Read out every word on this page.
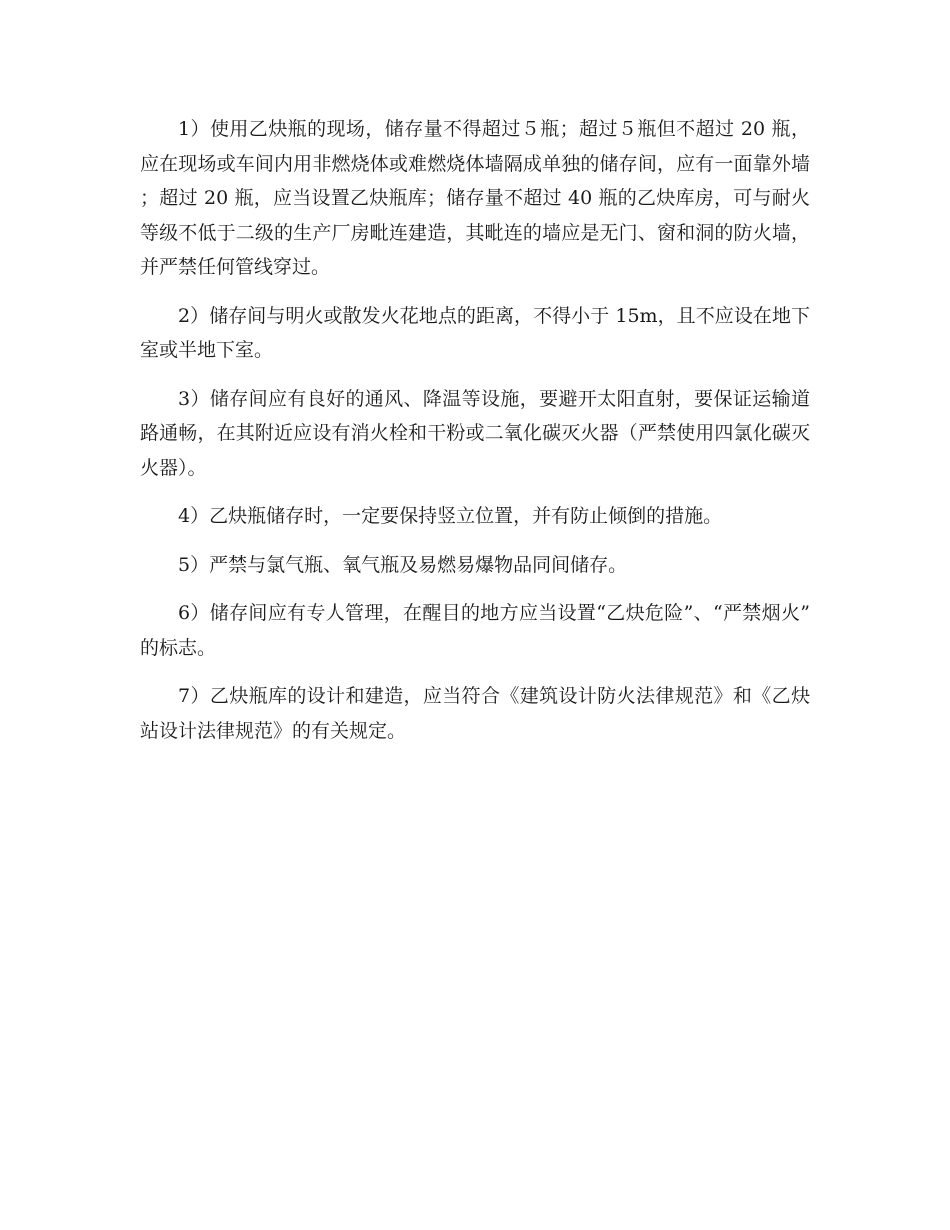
1）使用乙炔瓶的现场，储存量不得超过５瓶；超过５瓶但不超过 20 瓶，应在现场或车间内用非燃烧体或难燃烧体墙隔成单独的储存间，应有一面靠外墙；超过 20 瓶，应当设置乙炔瓶库；储存量不超过 40 瓶的乙炔库房，可与耐火等级不低于二级的生产厂房毗连建造，其毗连的墙应是无门、窗和洞的防火墙，并严禁任何管线穿过。

2）储存间与明火或散发火花地点的距离，不得小于 15m，且不应设在地下室或半地下室。

3）储存间应有良好的通风、降温等设施，要避开太阳直射，要保证运输道路通畅，在其附近应设有消火栓和干粉或二氧化碳灭火器（严禁使用四氯化碳灭火器）。

4）乙炔瓶储存时，一定要保持竖立位置，并有防止倾倒的措施。

5）严禁与氯气瓶、氧气瓶及易燃易爆物品同间储存。

6）储存间应有专人管理，在醒目的地方应当设置“乙炔危险”、“严禁烟火”的标志。

7）乙炔瓶库的设计和建造，应当符合《建筑设计防火法律规范》和《乙炔站设计法律规范》的有关规定。
